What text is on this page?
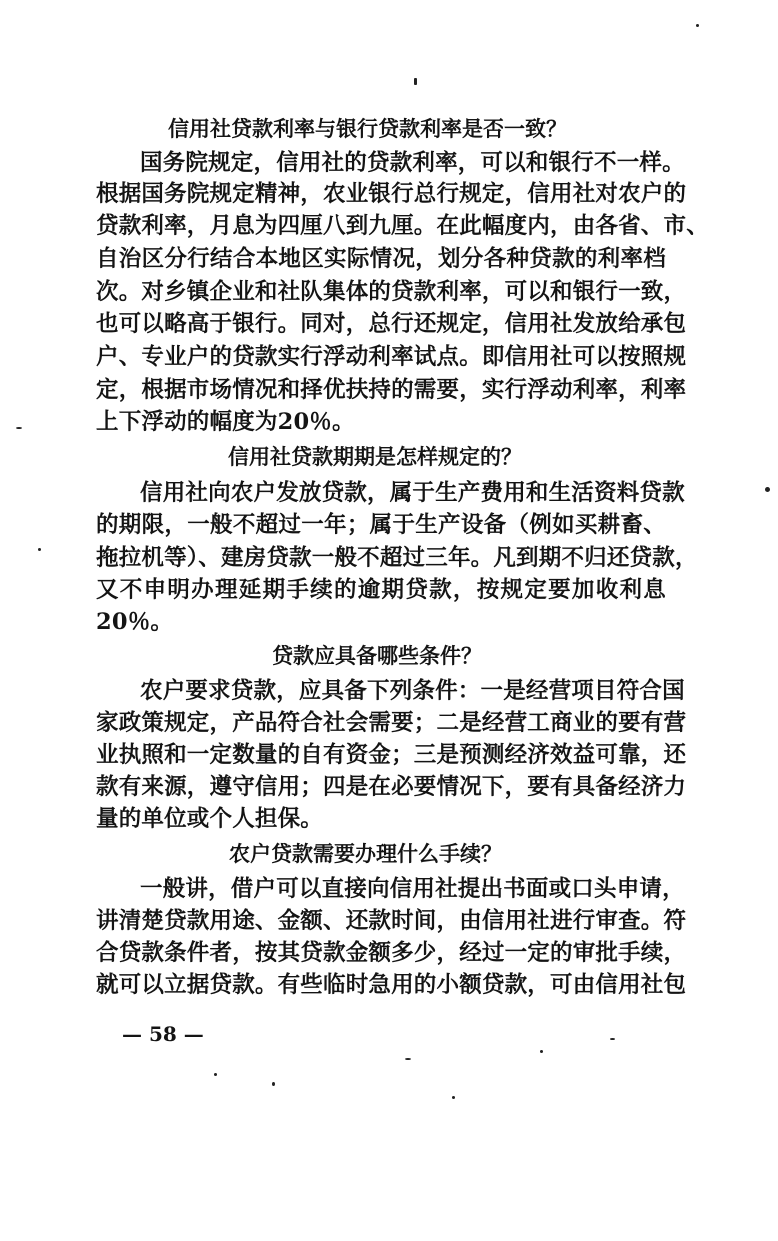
信用社贷款利率与银行贷款利率是否一致？
国务院规定，信用社的贷款利率，可以和银行不一样。
根据国务院规定精神，农业银行总行规定，信用社对农户的
贷款利率，月息为四厘八到九厘。在此幅度内，由各省、市、
自治区分行结合本地区实际情况，划分各种贷款的利率档
次。对乡镇企业和社队集体的贷款利率，可以和银行一致，
也可以略高于银行。同对，总行还规定，信用社发放给承包
户、专业户的贷款实行浮动利率试点。即信用社可以按照规
定，根据市场情况和择优扶持的需要，实行浮动利率，利率
上下浮动的幅度为20％。
信用社贷款期期是怎样规定的？
信用社向农户发放贷款，属于生产费用和生活资料贷款
的期限，一般不超过一年；属于生产设备（例如买耕畜、
拖拉机等）、建房贷款一般不超过三年。凡到期不归还贷款，
又不申明办理延期手续的逾期贷款，按规定要加收利息
20％。
贷款应具备哪些条件？
农户要求贷款，应具备下列条件：一是经营项目符合国
家政策规定，产品符合社会需要；二是经营工商业的要有营
业执照和一定数量的自有资金；三是预测经济效益可靠，还
款有来源，遵守信用；四是在必要情况下，要有具备经济力
量的单位或个人担保。
农户贷款需要办理什么手续？
一般讲，借户可以直接向信用社提出书面或口头申请，
讲清楚贷款用途、金额、还款时间，由信用社进行审查。符
合贷款条件者，按其贷款金额多少，经过一定的审批手续，
就可以立据贷款。有些临时急用的小额贷款，可由信用社包
— 58 —
